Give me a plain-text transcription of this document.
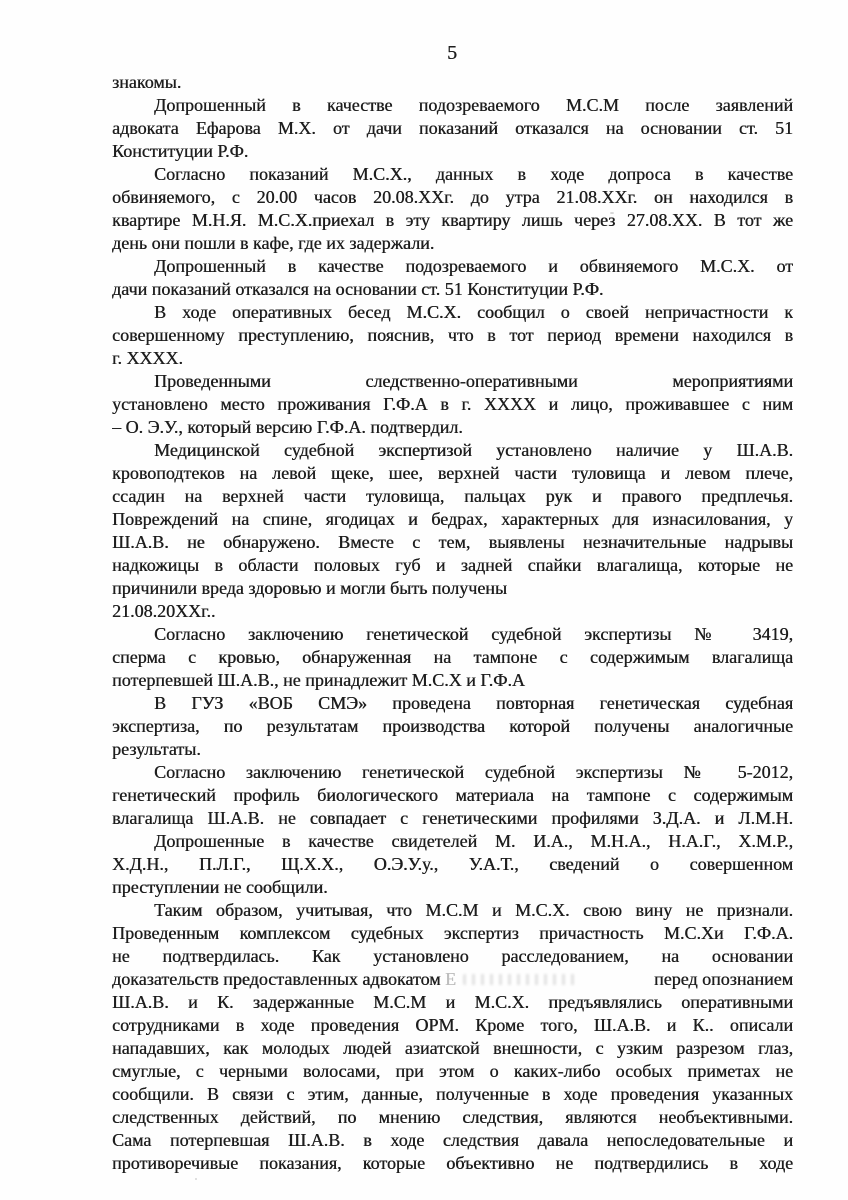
5
знакомы.
Допрошенный в качестве подозреваемого М.С.М после заявлений
адвоката Ефарова М.Х. от дачи показаний отказался на основании ст. 51
Конституции Р.Ф.
Согласно показаний М.С.Х., данных в ходе допроса в качестве
обвиняемого, с 20.00 часов 20.08.ХХг. до утра 21.08.ХХг. он находился в
квартире М.Н.Я. М.С.Х.приехал в эту квартиру лишь через 27.08.ХХ. В тот же
день они пошли в кафе, где их задержали.
Допрошенный в качестве подозреваемого и обвиняемого М.С.Х. от
дачи показаний отказался на основании ст. 51 Конституции Р.Ф.
В ходе оперативных бесед М.С.Х. сообщил о своей непричастности к
совершенному преступлению, пояснив, что в тот период времени находился в
г. ХХХХ.
Проведенными следственно-оперативными мероприятиями
установлено место проживания Г.Ф.А в г. ХХХХ и лицо, проживавшее с ним
– О. Э.У., который версию Г.Ф.А. подтвердил.
Медицинской судебной экспертизой установлено наличие у Ш.А.В.
кровоподтеков на левой щеке, шее, верхней части туловища и левом плече,
ссадин на верхней части туловища, пальцах рук и правого предплечья.
Повреждений на спине, ягодицах и бедрах, характерных для изнасилования, у
Ш.А.В. не обнаружено. Вместе с тем, выявлены незначительные надрывы
надкожицы в области половых губ и задней спайки влагалища, которые не
причинили вреда здоровью и могли быть получены
21.08.20ХХг..
Согласно заключению генетической судебной экспертизы № 3419,
сперма с кровью, обнаруженная на тампоне с содержимым влагалища
потерпевшей Ш.А.В., не принадлежит М.С.Х и Г.Ф.А
В ГУЗ «ВОБ СМЭ» проведена повторная генетическая судебная
экспертиза, по результатам производства которой получены аналогичные
результаты.
Согласно заключению генетической судебной экспертизы № 5-2012,
генетический профиль биологического материала на тампоне с содержимым
влагалища Ш.А.В. не совпадает с генетическими профилями З.Д.А. и Л.М.Н.
Допрошенные в качестве свидетелей М. И.А., М.Н.А., Н.А.Г., Х.М.Р.,
Х.Д.Н., П.Л.Г., Щ.Х.Х., О.Э.У.у., У.А.Т., сведений о совершенном
преступлении не сообщили.
Таким образом, учитывая, что М.С.М и М.С.Х. свою вину не признали.
Проведенным комплексом судебных экспертиз причастность М.С.Хи Г.Ф.А.
не подтвердилась. Как установлено расследованием, на основании
доказательств предоставленных адвокатом Е	перед опознанием
Ш.А.В. и К. задержанные М.С.М и М.С.Х. предъявлялись оперативными
сотрудниками в ходе проведения ОРМ. Кроме того, Ш.А.В. и К.. описали
нападавших, как молодых людей азиатской внешности, с узким разрезом глаз,
смуглые, с черными волосами, при этом о каких-либо особых приметах не
сообщили. В связи с этим, данные, полученные в ходе проведения указанных
следственных действий, по мнению следствия, являются необъективными.
Сама потерпевшая Ш.А.В. в ходе следствия давала непоследовательные и
противоречивые показания, которые объективно не подтвердились в ходе
